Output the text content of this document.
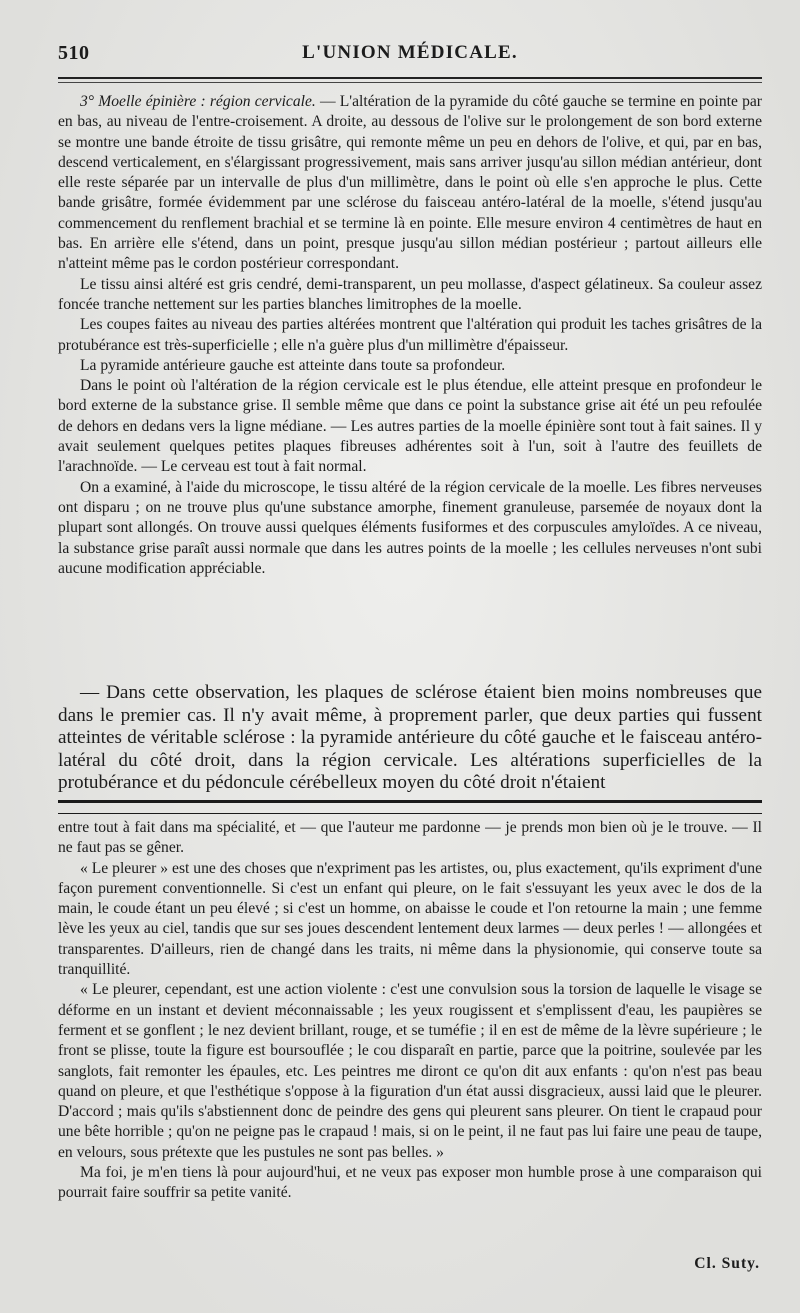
510	L'UNION MÉDICALE.

3° Moelle épinière : région cervicale. — L'altération de la pyramide du côté gauche se termine en pointe par en bas, au niveau de l'entre-croisement. A droite, au dessous de l'olive sur le prolongement de son bord externe se montre une bande étroite de tissu grisâtre, qui remonte même un peu en dehors de l'olive, et qui, par en bas, descend verticalement, en s'élargissant progressivement, mais sans arriver jusqu'au sillon médian antérieur, dont elle reste séparée par un intervalle de plus d'un millimètre, dans le point où elle s'en approche le plus. Cette bande grisâtre, formée évidemment par une sclérose du faisceau antéro-latéral de la moelle, s'étend jusqu'au commencement du renflement brachial et se termine là en pointe. Elle mesure environ 4 centimètres de haut en bas. En arrière elle s'étend, dans un point, presque jusqu'au sillon médian postérieur ; partout ailleurs elle n'atteint même pas le cordon postérieur correspondant.

Le tissu ainsi altéré est gris cendré, demi-transparent, un peu mollasse, d'aspect gélatineux. Sa couleur assez foncée tranche nettement sur les parties blanches limitrophes de la moelle.

Les coupes faites au niveau des parties altérées montrent que l'altération qui produit les taches grisâtres de la protubérance est très-superficielle ; elle n'a guère plus d'un millimètre d'épaisseur.

La pyramide antérieure gauche est atteinte dans toute sa profondeur.

Dans le point où l'altération de la région cervicale est le plus étendue, elle atteint presque en profondeur le bord externe de la substance grise. Il semble même que dans ce point la substance grise ait été un peu refoulée de dehors en dedans vers la ligne médiane. — Les autres parties de la moelle épinière sont tout à fait saines. Il y avait seulement quelques petites plaques fibreuses adhérentes soit à l'un, soit à l'autre des feuillets de l'arachnoïde. — Le cerveau est tout à fait normal.

On a examiné, à l'aide du microscope, le tissu altéré de la région cervicale de la moelle. Les fibres nerveuses ont disparu ; on ne trouve plus qu'une substance amorphe, finement granuleuse, parsemée de noyaux dont la plupart sont allongés. On trouve aussi quelques éléments fusiformes et des corpuscules amyloïdes. A ce niveau, la substance grise paraît aussi normale que dans les autres points de la moelle ; les cellules nerveuses n'ont subi aucune modification appréciable.

— Dans cette observation, les plaques de sclérose étaient bien moins nombreuses que dans le premier cas. Il n'y avait même, à proprement parler, que deux parties qui fussent atteintes de véritable sclérose : la pyramide antérieure du côté gauche et le faisceau antéro-latéral du côté droit, dans la région cervicale. Les altérations superficielles de la protubérance et du pédoncule cérébelleux moyen du côté droit n'étaient

entre tout à fait dans ma spécialité, et — que l'auteur me pardonne — je prends mon bien où je le trouve. — Il ne faut pas se gêner.

« Le pleurer » est une des choses que n'expriment pas les artistes, ou, plus exactement, qu'ils expriment d'une façon purement conventionnelle. Si c'est un enfant qui pleure, on le fait s'essuyant les yeux avec le dos de la main, le coude étant un peu élevé ; si c'est un homme, on abaisse le coude et l'on retourne la main ; une femme lève les yeux au ciel, tandis que sur ses joues descendent lentement deux larmes — deux perles ! — allongées et transparentes. D'ailleurs, rien de changé dans les traits, ni même dans la physionomie, qui conserve toute sa tranquillité.

« Le pleurer, cependant, est une action violente : c'est une convulsion sous la torsion de laquelle le visage se déforme en un instant et devient méconnaissable ; les yeux rougissent et s'emplissent d'eau, les paupières se ferment et se gonflent ; le nez devient brillant, rouge, et se tuméfie ; il en est de même de la lèvre supérieure ; le front se plisse, toute la figure est boursouflée ; le cou disparaît en partie, parce que la poitrine, soulevée par les sanglots, fait remonter les épaules, etc. Les peintres me diront ce qu'on dit aux enfants : qu'on n'est pas beau quand on pleure, et que l'esthétique s'oppose à la figuration d'un état aussi disgracieux, aussi laid que le pleurer. D'accord ; mais qu'ils s'abstiennent donc de peindre des gens qui pleurent sans pleurer. On tient le crapaud pour une bête horrible ; qu'on ne peigne pas le crapaud ! mais, si on le peint, il ne faut pas lui faire une peau de taupe, en velours, sous prétexte que les pustules ne sont pas belles. »

Ma foi, je m'en tiens là pour aujourd'hui, et ne veux pas exposer mon humble prose à une comparaison qui pourrait faire souffrir sa petite vanité.

Cl. Suty.
